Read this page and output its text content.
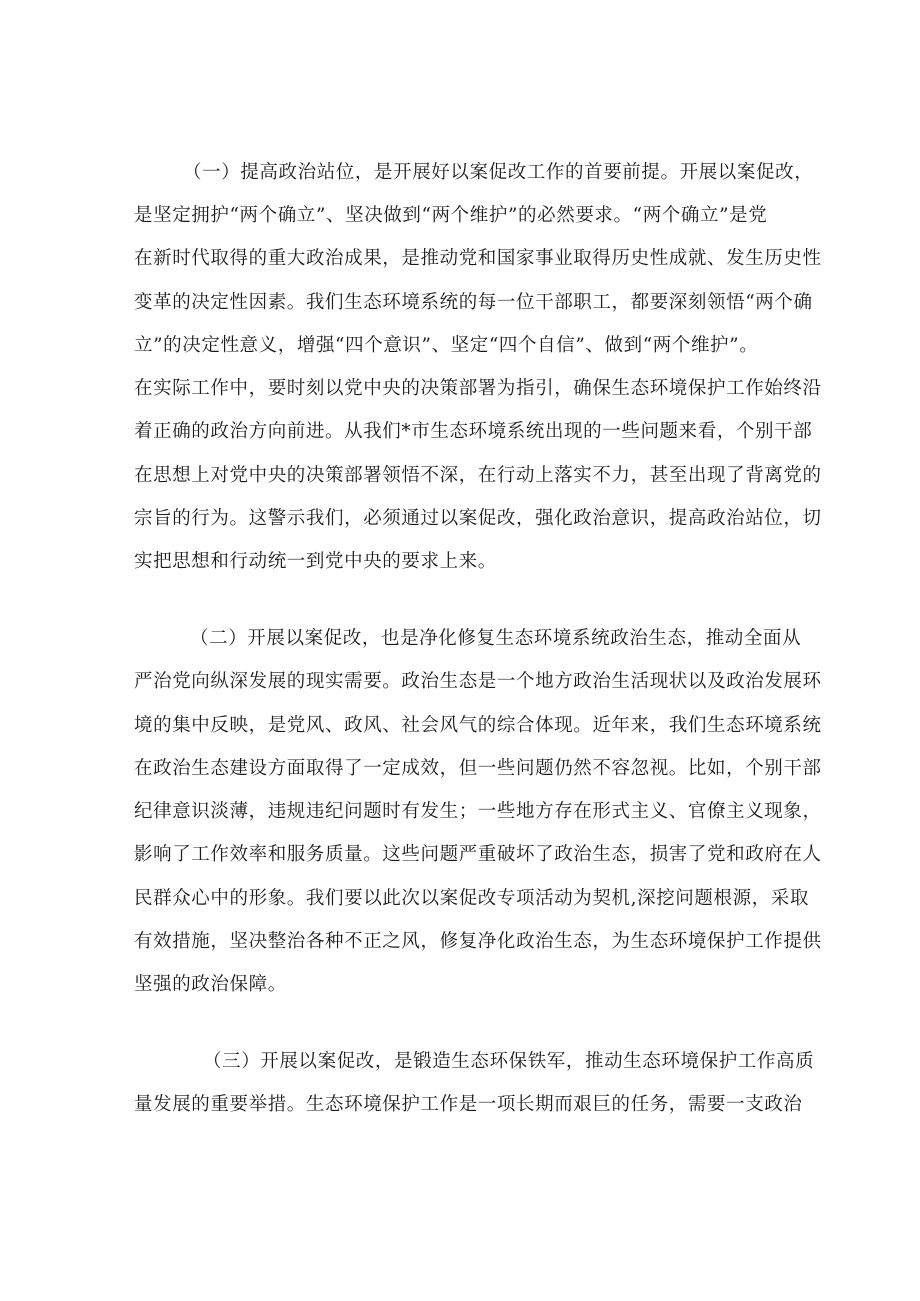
（一）提高政治站位，是开展好以案促改工作的首要前提。开展以案促改，

是坚定拥护“两个确立”、坚决做到“两个维护”的必然要求。“两个确立”是党

在新时代取得的重大政治成果，是推动党和国家事业取得历史性成就、发生历史性

变革的决定性因素。我们生态环境系统的每一位干部职工，都要深刻领悟“两个确

立”的决定性意义，增强“四个意识”、坚定“四个自信”、做到“两个维护”。

在实际工作中，要时刻以党中央的决策部署为指引，确保生态环境保护工作始终沿

着正确的政治方向前进。从我们*市生态环境系统出现的一些问题来看，个别干部

在思想上对党中央的决策部署领悟不深，在行动上落实不力，甚至出现了背离党的

宗旨的行为。这警示我们，必须通过以案促改，强化政治意识，提高政治站位，切

实把思想和行动统一到党中央的要求上来。

（二）开展以案促改，也是净化修复生态环境系统政治生态，推动全面从

严治党向纵深发展的现实需要。政治生态是一个地方政治生活现状以及政治发展环

境的集中反映，是党风、政风、社会风气的综合体现。近年来，我们生态环境系统

在政治生态建设方面取得了一定成效，但一些问题仍然不容忽视。比如，个别干部

纪律意识淡薄，违规违纪问题时有发生；一些地方存在形式主义、官僚主义现象，

影响了工作效率和服务质量。这些问题严重破坏了政治生态，损害了党和政府在人

民群众心中的形象。我们要以此次以案促改专项活动为契机,深挖问题根源，采取

有效措施，坚决整治各种不正之风，修复净化政治生态，为生态环境保护工作提供

坚强的政治保障。

（三）开展以案促改，是锻造生态环保铁军，推动生态环境保护工作高质

量发展的重要举措。生态环境保护工作是一项长期而艰巨的任务，需要一支政治
